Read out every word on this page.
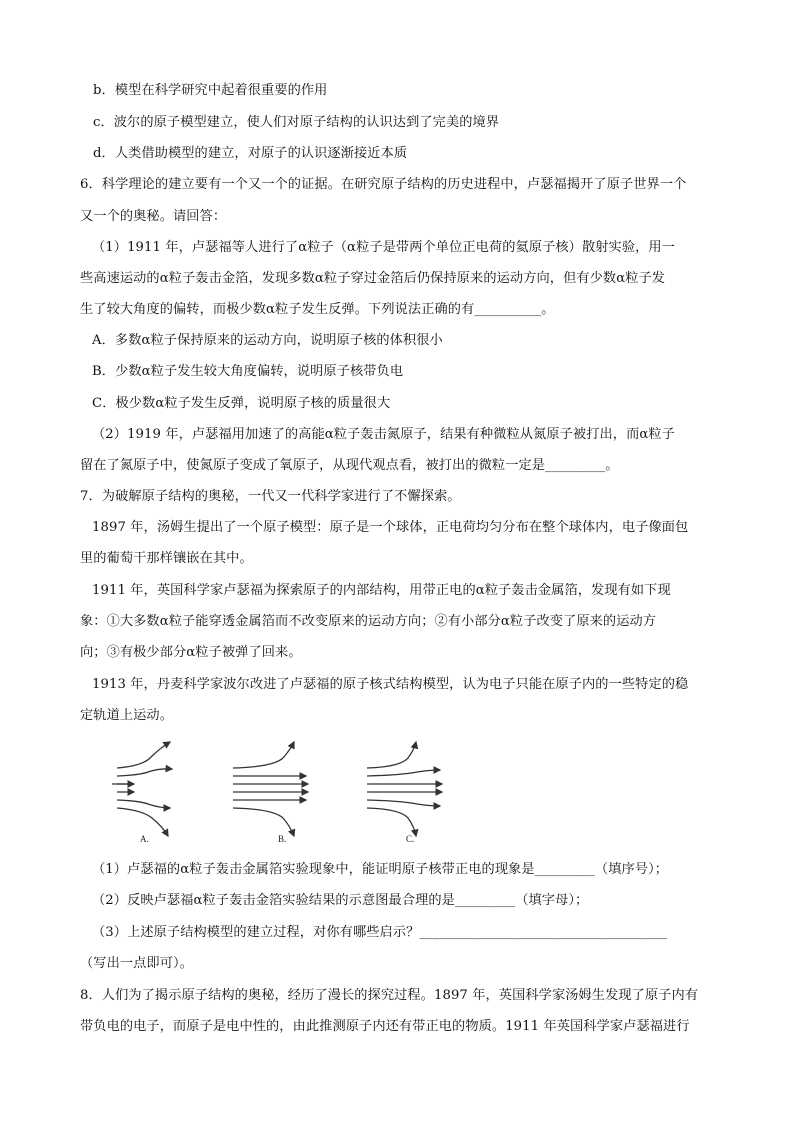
b．模型在科学研究中起着很重要的作用
c．波尔的原子模型建立，使人们对原子结构的认识达到了完美的境界
d．人类借助模型的建立，对原子的认识逐渐接近本质
6．科学理论的建立要有一个又一个的证据。在研究原子结构的历史进程中，卢瑟福揭开了原子世界一个
又一个的奥秘。请回答：
（1）1911 年，卢瑟福等人进行了α粒子（α粒子是带两个单位正电荷的氦原子核）散射实验，用一
些高速运动的α粒子轰击金箔，发现多数α粒子穿过金箔后仍保持原来的运动方向，但有少数α粒子发
生了较大角度的偏转，而极少数α粒子发生反弹。下列说法正确的有__________。
A．多数α粒子保持原来的运动方向，说明原子核的体积很小
B．少数α粒子发生较大角度偏转，说明原子核带负电
C．极少数α粒子发生反弹，说明原子核的质量很大
（2）1919 年，卢瑟福用加速了的高能α粒子轰击氮原子，结果有种微粒从氮原子被打出，而α粒子
留在了氮原子中，使氮原子变成了氧原子，从现代观点看，被打出的微粒一定是_________。
7．为破解原子结构的奥秘，一代又一代科学家进行了不懈探索。
1897 年，汤姆生提出了一个原子模型：原子是一个球体，正电荷均匀分布在整个球体内，电子像面包
里的葡萄干那样镶嵌在其中。
1911 年，英国科学家卢瑟福为探索原子的内部结构，用带正电的α粒子轰击金属箔，发现有如下现
象：①大多数α粒子能穿透金属箔而不改变原来的运动方向；②有小部分α粒子改变了原来的运动方
向；③有极少部分α粒子被弹了回来。
1913 年，丹麦科学家波尔改进了卢瑟福的原子核式结构模型，认为电子只能在原子内的一些特定的稳
定轨道上运动。
（1）卢瑟福的α粒子轰击金属箔实验现象中，能证明原子核带正电的现象是_________（填序号）；
（2）反映卢瑟福α粒子轰击金箔实验结果的示意图最合理的是_________（填字母）；
（3）上述原子结构模型的建立过程，对你有哪些启示？_____________________________________
（写出一点即可）。
8．人们为了揭示原子结构的奥秘，经历了漫长的探究过程。1897 年，英国科学家汤姆生发现了原子内有
带负电的电子，而原子是电中性的，由此推测原子内还有带正电的物质。1911 年英国科学家卢瑟福进行
A.	B.	C.
